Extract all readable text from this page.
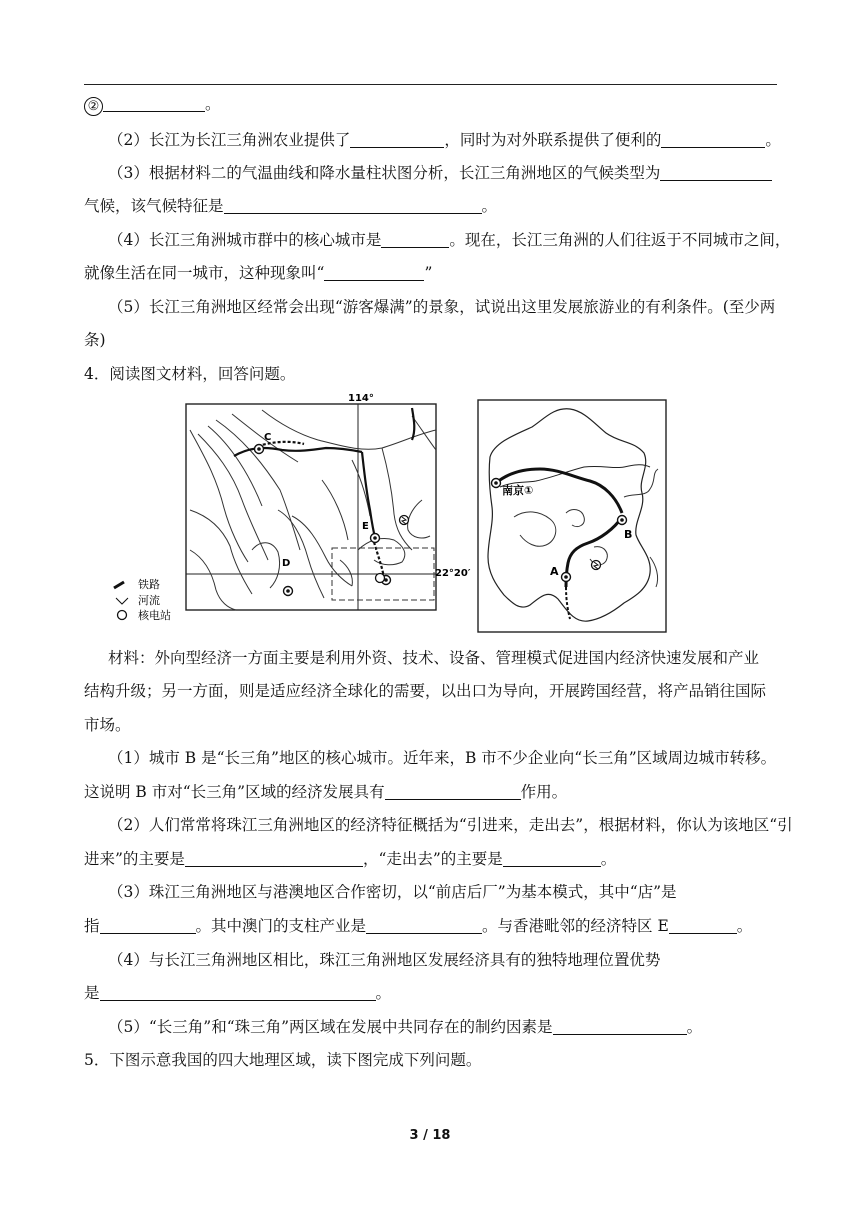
②	。
（2）长江为长江三角洲农业提供了	，同时为对外联系提供了便利的	。
（3）根据材料二的气温曲线和降水量柱状图分析，长江三角洲地区的气候类型为
气候，该气候特征是	。
（4）长江三角洲城市群中的核心城市是	。现在，长江三角洲的人们往返于不同城市之间，
就像生活在同一城市，这种现象叫“	”
（5）长江三角洲地区经常会出现“游客爆满”的景象，试说出这里发展旅游业的有利条件。(至少两
条)
4．阅读图文材料，回答问题。
114°
22°20′
C
E
D
铁路
河流
核电站
南京①
B
A
材料：外向型经济一方面主要是利用外资、技术、设备、管理模式促进国内经济快速发展和产业
结构升级；另一方面，则是适应经济全球化的需要，以出口为导向，开展跨国经营，将产品销往国际
市场。
（1）城市 B 是“长三角”地区的核心城市。近年来，B 市不少企业向“长三角”区域周边城市转移。
这说明 B 市对“长三角”区域的经济发展具有	作用。
（2）人们常常将珠江三角洲地区的经济特征概括为“引进来，走出去”，根据材料，你认为该地区“引
进来”的主要是	，“走出去”的主要是	。
（3）珠江三角洲地区与港澳地区合作密切，以“前店后厂”为基本模式，其中“店”是
指	。其中澳门的支柱产业是	。与香港毗邻的经济特区 E	。
（4）与长江三角洲地区相比，珠江三角洲地区发展经济具有的独特地理位置优势
是	。
（5）“长三角”和“珠三角”两区域在发展中共同存在的制约因素是	。
5．下图示意我国的四大地理区域，读下图完成下列问题。
3 / 18
